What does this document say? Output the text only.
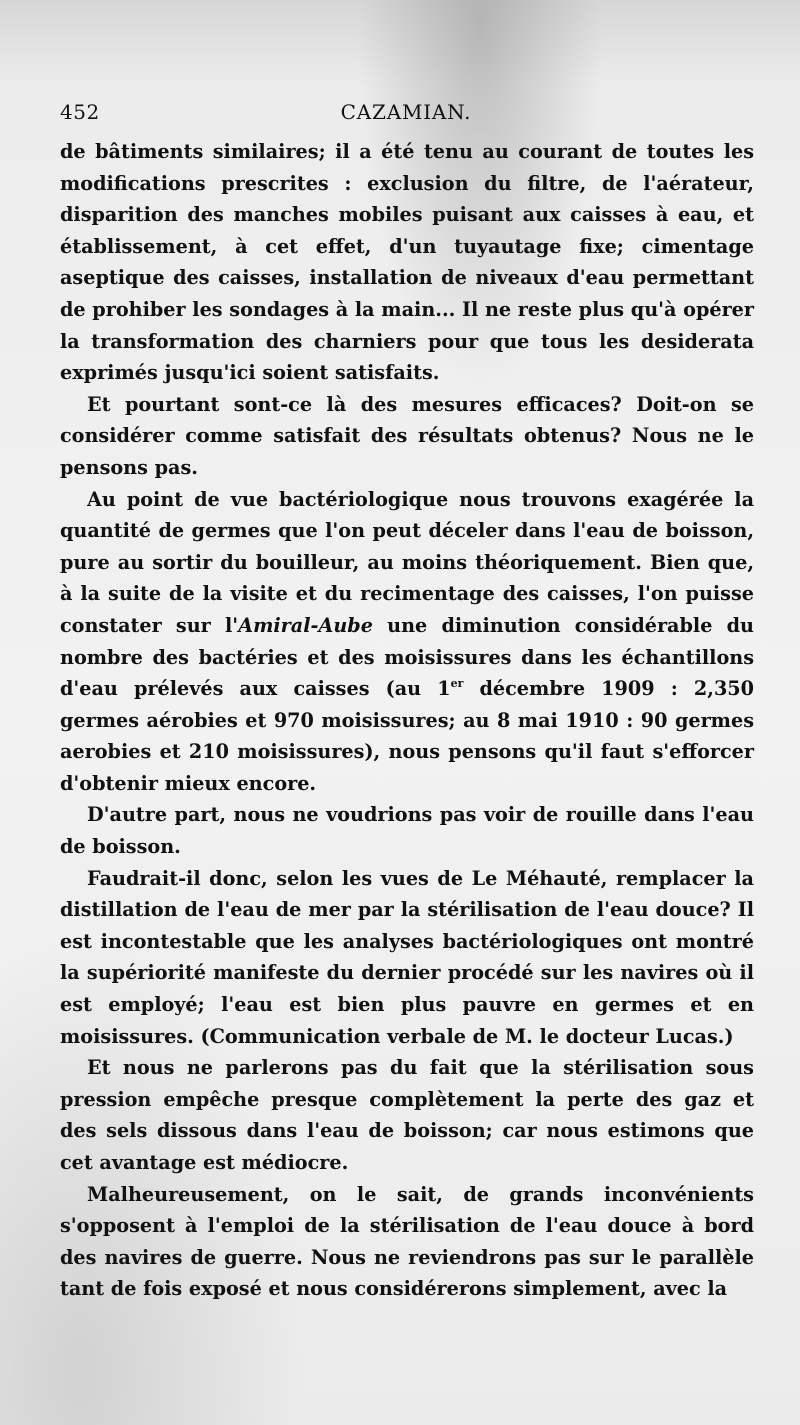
452	CAZAMIAN.

de bâtiments similaires; il a été tenu au courant de toutes les modifications prescrites : exclusion du filtre, de l'aérateur, disparition des manches mobiles puisant aux caisses à eau, et établissement, à cet effet, d'un tuyautage fixe; cimentage aseptique des caisses, installation de niveaux d'eau permettant de prohiber les sondages à la main... Il ne reste plus qu'à opérer la transformation des charniers pour que tous les desiderata exprimés jusqu'ici soient satisfaits.

Et pourtant sont-ce là des mesures efficaces? Doit-on se considérer comme satisfait des résultats obtenus? Nous ne le pensons pas.

Au point de vue bactériologique nous trouvons exagérée la quantité de germes que l'on peut déceler dans l'eau de boisson, pure au sortir du bouilleur, au moins théoriquement. Bien que, à la suite de la visite et du recimentage des caisses, l'on puisse constater sur l'Amiral-Aube une diminution considérable du nombre des bactéries et des moisissures dans les échantillons d'eau prélevés aux caisses (au 1er décembre 1909 : 2,350 germes aérobies et 970 moisissures; au 8 mai 1910 : 90 germes aerobies et 210 moisissures), nous pensons qu'il faut s'efforcer d'obtenir mieux encore.

D'autre part, nous ne voudrions pas voir de rouille dans l'eau de boisson.

Faudrait-il donc, selon les vues de Le Méhauté, remplacer la distillation de l'eau de mer par la stérilisation de l'eau douce? Il est incontestable que les analyses bactériologiques ont montré la supériorité manifeste du dernier procédé sur les navires où il est employé; l'eau est bien plus pauvre en germes et en moisissures. (Communication verbale de M. le docteur Lucas.)

Et nous ne parlerons pas du fait que la stérilisation sous pression empêche presque complètement la perte des gaz et des sels dissous dans l'eau de boisson; car nous estimons que cet avantage est médiocre.

Malheureusement, on le sait, de grands inconvénients s'opposent à l'emploi de la stérilisation de l'eau douce à bord des navires de guerre. Nous ne reviendrons pas sur le parallèle tant de fois exposé et nous considérerons simplement, avec la
